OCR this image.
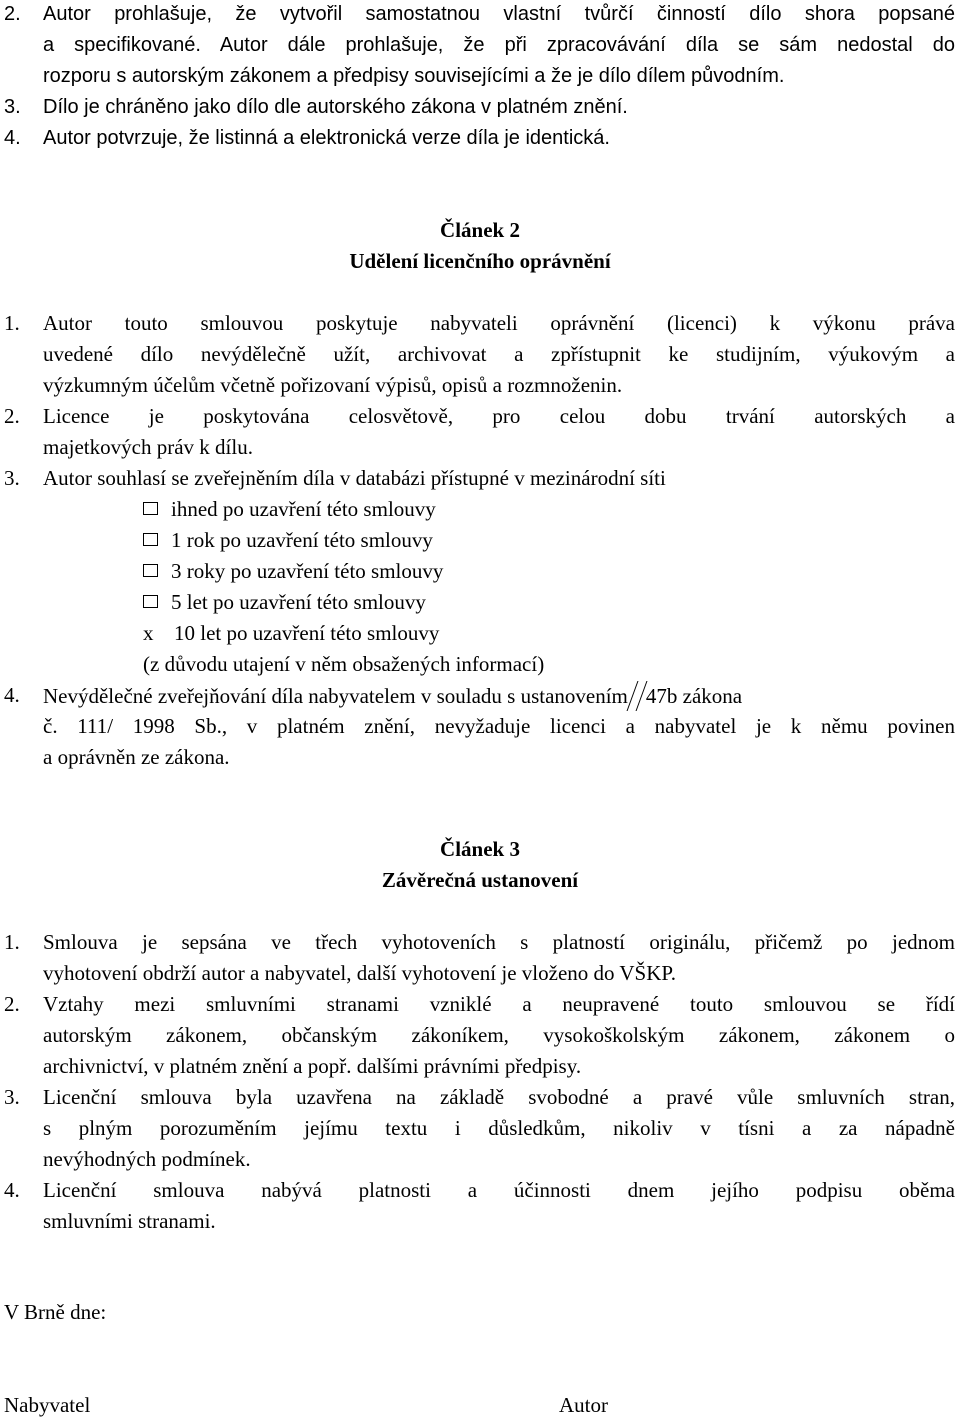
2. Autor prohlašuje, že vytvořil samostatnou vlastní tvůrčí činností dílo shora popsané
a specifikované. Autor dále prohlašuje, že při zpracovávání díla se sám nedostal do
rozporu s autorským zákonem a předpisy souvisejícími a že je dílo dílem původním.
3. Dílo je chráněno jako dílo dle autorského zákona v platném znění.
4. Autor potvrzuje, že listinná a elektronická verze díla je identická.
Článek 2
Udělení licenčního oprávnění
1. Autor touto smlouvou poskytuje nabyvateli oprávnění (licenci) k výkonu práva
uvedené dílo nevýdělečně užít, archivovat a zpřístupnit ke studijním, výukovým a
výzkumným účelům včetně pořizovaní výpisů, opisů a rozmnoženin.
2. Licence je poskytována celosvětově, pro celou dobu trvání autorských a
majetkových práv k dílu.
3. Autor souhlasí se zveřejněním díla v databázi přístupné v mezinárodní síti
ihned po uzavření této smlouvy
1 rok po uzavření této smlouvy
3 roky po uzavření této smlouvy
5 let po uzavření této smlouvy
x 10 let po uzavření této smlouvy
(z důvodu utajení v něm obsažených informací)
4. Nevýdělečné zveřejňování díla nabyvatelem v souladu s ustanovením 47b zákona
č. 111/ 1998 Sb., v platném znění, nevyžaduje licenci a nabyvatel je k němu povinen
a oprávněn ze zákona.
Článek 3
Závěrečná ustanovení
1. Smlouva je sepsána ve třech vyhotoveních s platností originálu, přičemž po jednom
vyhotovení obdrží autor a nabyvatel, další vyhotovení je vloženo do VŠKP.
2. Vztahy mezi smluvními stranami vzniklé a neupravené touto smlouvou se řídí
autorským zákonem, občanským zákoníkem, vysokoškolským zákonem, zákonem o
archivnictví, v platném znění a popř. dalšími právními předpisy.
3. Licenční smlouva byla uzavřena na základě svobodné a pravé vůle smluvních stran,
s plným porozuměním jejímu textu i důsledkům, nikoliv v tísni a za nápadně
nevýhodných podmínek.
4. Licenční smlouva nabývá platnosti a účinnosti dnem jejího podpisu oběma
smluvními stranami.
V Brně dne:
Nabyvatel	Autor
